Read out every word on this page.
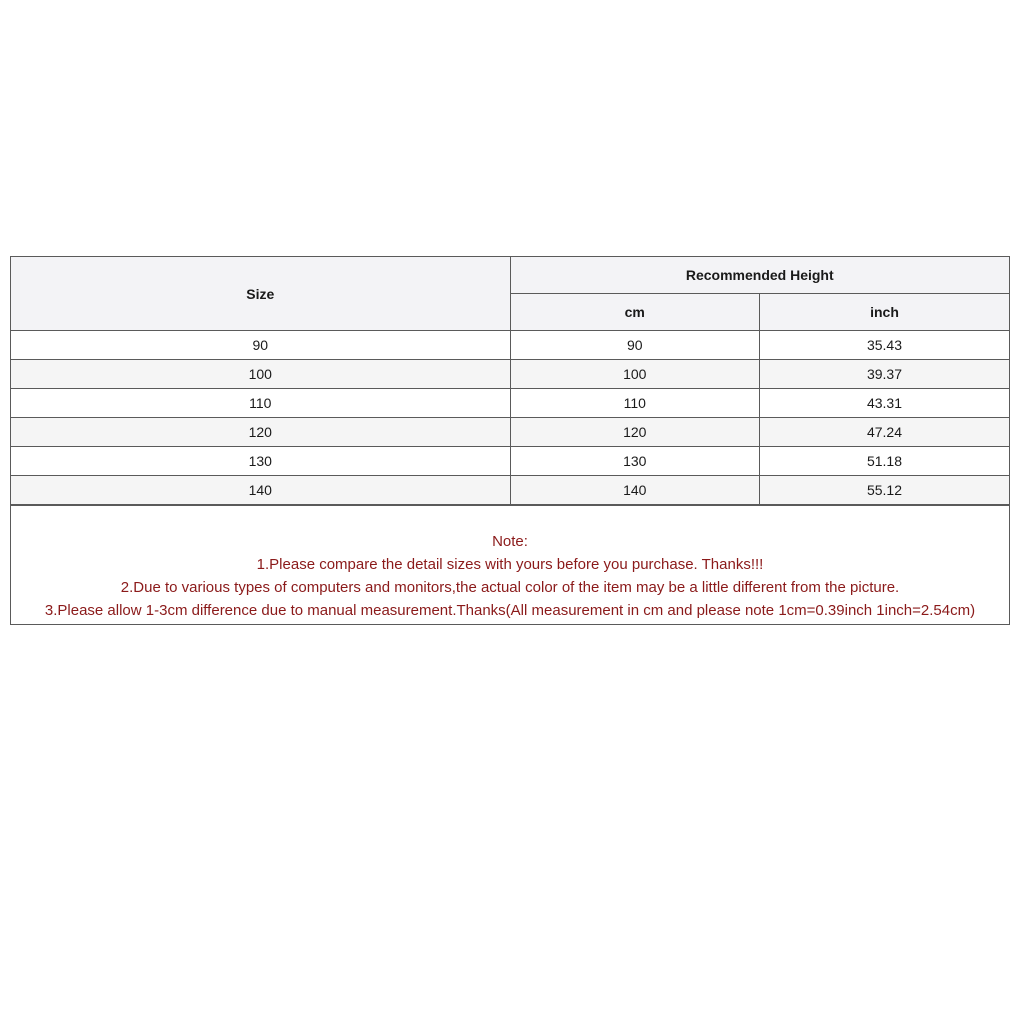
Size	Recommended Height	
	cm	inch
90	90	35.43
100	100	39.37
110	110	43.31
120	120	47.24
130	130	51.18
140	140	55.12
Note:
1.Please compare the detail sizes with yours before you purchase. Thanks!!!
2.Due to various types of computers and monitors,the actual color of the item may be a little different from the picture.
3.Please allow 1-3cm difference due to manual measurement.Thanks(All measurement in cm and please note 1cm=0.39inch 1inch=2.54cm)
